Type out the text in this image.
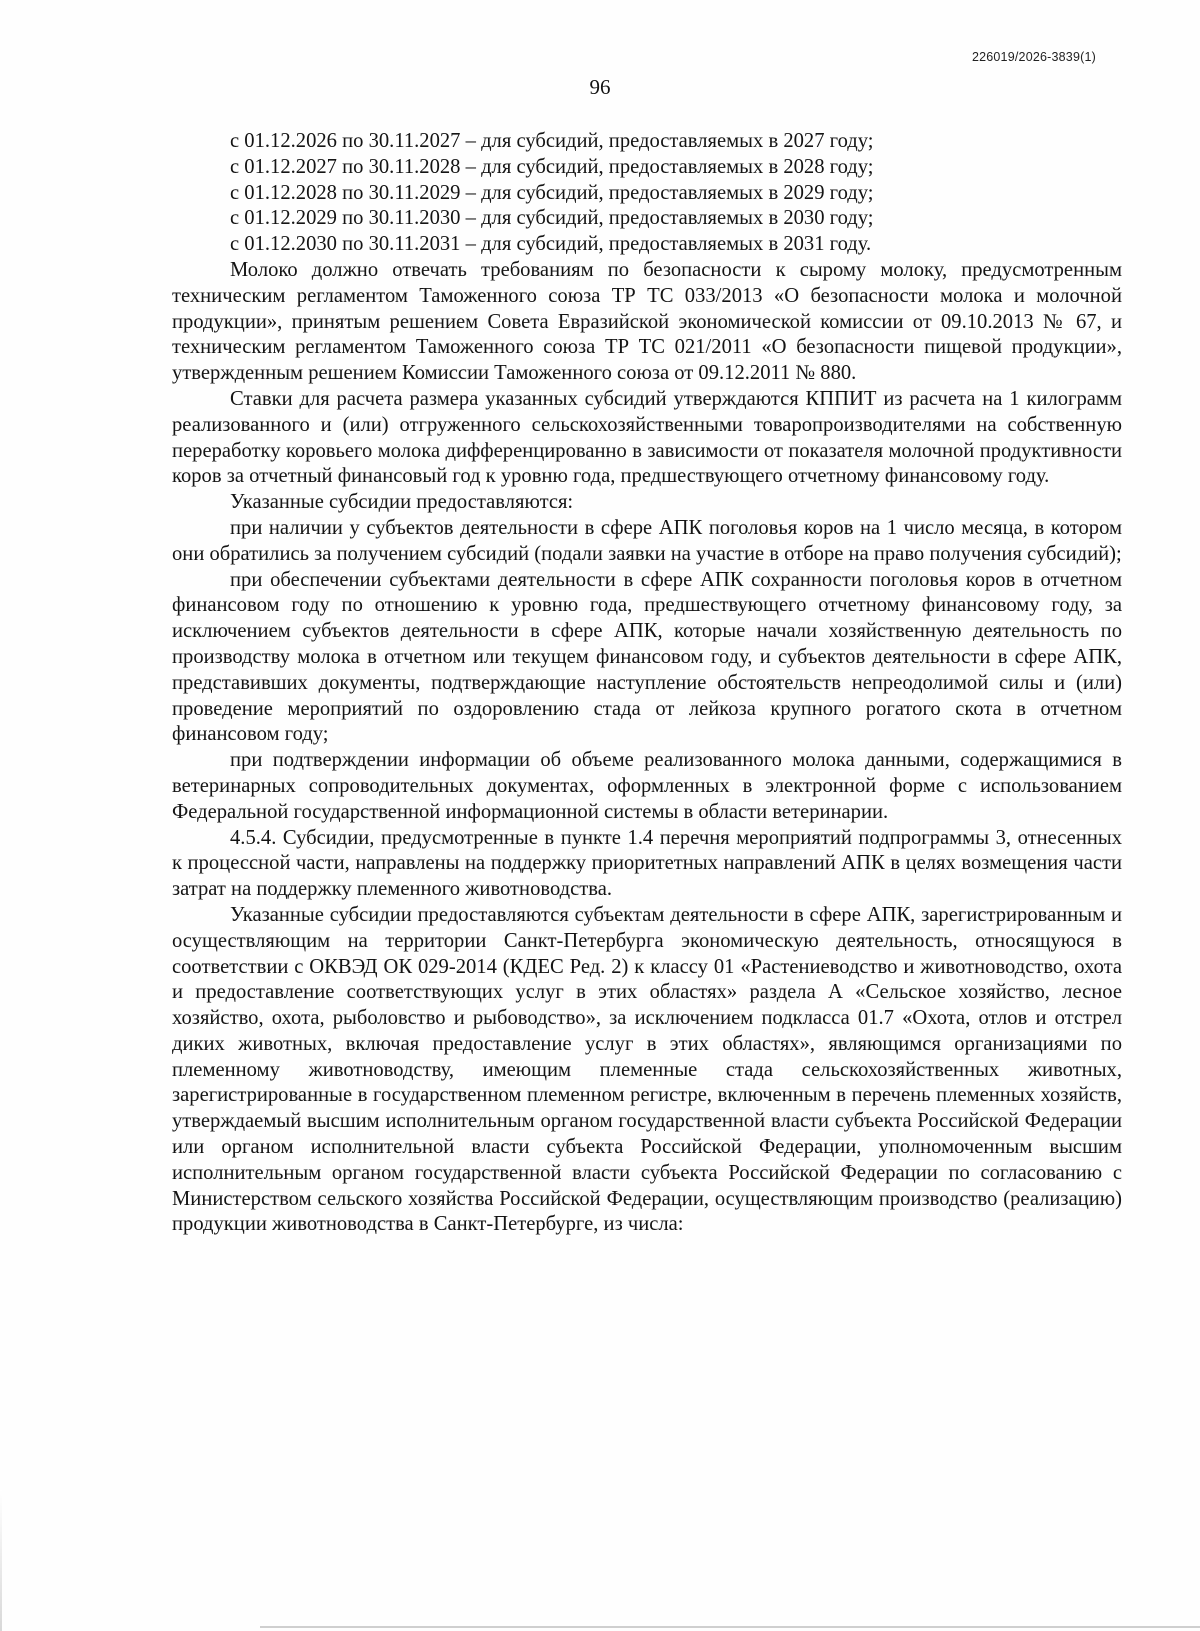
226019/2026-3839(1)
96

с 01.12.2026 по 30.11.2027 – для субсидий, предоставляемых в 2027 году;

с 01.12.2027 по 30.11.2028 – для субсидий, предоставляемых в 2028 году;

с 01.12.2028 по 30.11.2029 – для субсидий, предоставляемых в 2029 году;

с 01.12.2029 по 30.11.2030 – для субсидий, предоставляемых в 2030 году;

с 01.12.2030 по 30.11.2031 – для субсидий, предоставляемых в 2031 году.

Молоко должно отвечать требованиям по безопасности к сырому молоку, предусмотренным техническим регламентом Таможенного союза ТР ТС 033/2013 «О безопасности молока и молочной продукции», принятым решением Совета Евразийской экономической комиссии от 09.10.2013 № 67, и техническим регламентом Таможенного союза ТР ТС 021/2011 «О безопасности пищевой продукции», утвержденным решением Комиссии Таможенного союза от 09.12.2011 № 880.

Ставки для расчета размера указанных субсидий утверждаются КППИТ из расчета на 1 килограмм реализованного и (или) отгруженного сельскохозяйственными товаропроизводителями на собственную переработку коровьего молока дифференцированно в зависимости от показателя молочной продуктивности коров за отчетный финансовый год к уровню года, предшествующего отчетному финансовому году.

Указанные субсидии предоставляются:

при наличии у субъектов деятельности в сфере АПК поголовья коров на 1 число месяца, в котором они обратились за получением субсидий (подали заявки на участие в отборе на право получения субсидий);

при обеспечении субъектами деятельности в сфере АПК сохранности поголовья коров в отчетном финансовом году по отношению к уровню года, предшествующего отчетному финансовому году, за исключением субъектов деятельности в сфере АПК, которые начали хозяйственную деятельность по производству молока в отчетном или текущем финансовом году, и субъектов деятельности в сфере АПК, представивших документы, подтверждающие наступление обстоятельств непреодолимой силы и (или) проведение мероприятий по оздоровлению стада от лейкоза крупного рогатого скота в отчетном финансовом году;

при подтверждении информации об объеме реализованного молока данными, содержащимися в ветеринарных сопроводительных документах, оформленных в электронной форме с использованием Федеральной государственной информационной системы в области ветеринарии.

4.5.4. Субсидии, предусмотренные в пункте 1.4 перечня мероприятий подпрограммы 3, отнесенных к процессной части, направлены на поддержку приоритетных направлений АПК в целях возмещения части затрат на поддержку племенного животноводства.

Указанные субсидии предоставляются субъектам деятельности в сфере АПК, зарегистрированным и осуществляющим на территории Санкт-Петербурга экономическую деятельность, относящуюся в соответствии с ОКВЭД ОК 029-2014 (КДЕС Ред. 2) к классу 01 «Растениеводство и животноводство, охота и предоставление соответствующих услуг в этих областях» раздела А «Сельское хозяйство, лесное хозяйство, охота, рыболовство и рыбоводство», за исключением подкласса 01.7 «Охота, отлов и отстрел диких животных, включая предоставление услуг в этих областях», являющимся организациями по племенному животноводству, имеющим племенные стада сельскохозяйственных животных, зарегистрированные в государственном племенном регистре, включенным в перечень племенных хозяйств, утверждаемый высшим исполнительным органом государственной власти субъекта Российской Федерации или органом исполнительной власти субъекта Российской Федерации, уполномоченным высшим исполнительным органом государственной власти субъекта Российской Федерации по согласованию с Министерством сельского хозяйства Российской Федерации, осуществляющим производство (реализацию) продукции животноводства в Санкт-Петербурге, из числа:
